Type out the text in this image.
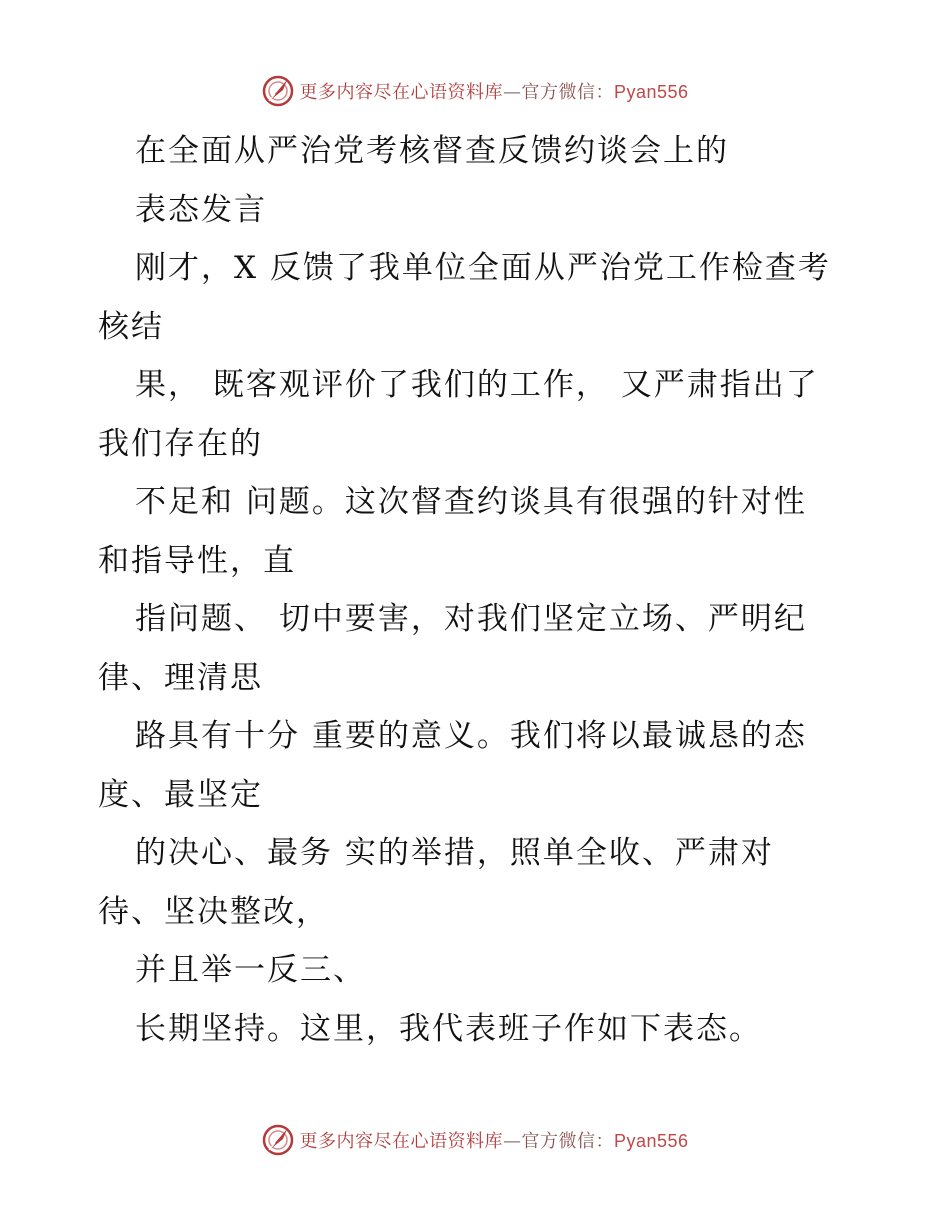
更多内容尽在心语资料库—官方微信：Pyan556
在全面从严治党考核督查反馈约谈会上的
表态发言
刚才，X 反馈了我单位全面从严治党工作检查考
核结
果， 既客观评价了我们的工作， 又严肃指出了
我们存在的
不足和 问题。这次督查约谈具有很强的针对性
和指导性，直
指问题、 切中要害，对我们坚定立场、严明纪
律、理清思
路具有十分 重要的意义。我们将以最诚恳的态
度、最坚定
的决心、最务 实的举措，照单全收、严肃对
待、坚决整改，
并且举一反三、
长期坚持。这里，我代表班子作如下表态。
更多内容尽在心语资料库—官方微信：Pyan556
